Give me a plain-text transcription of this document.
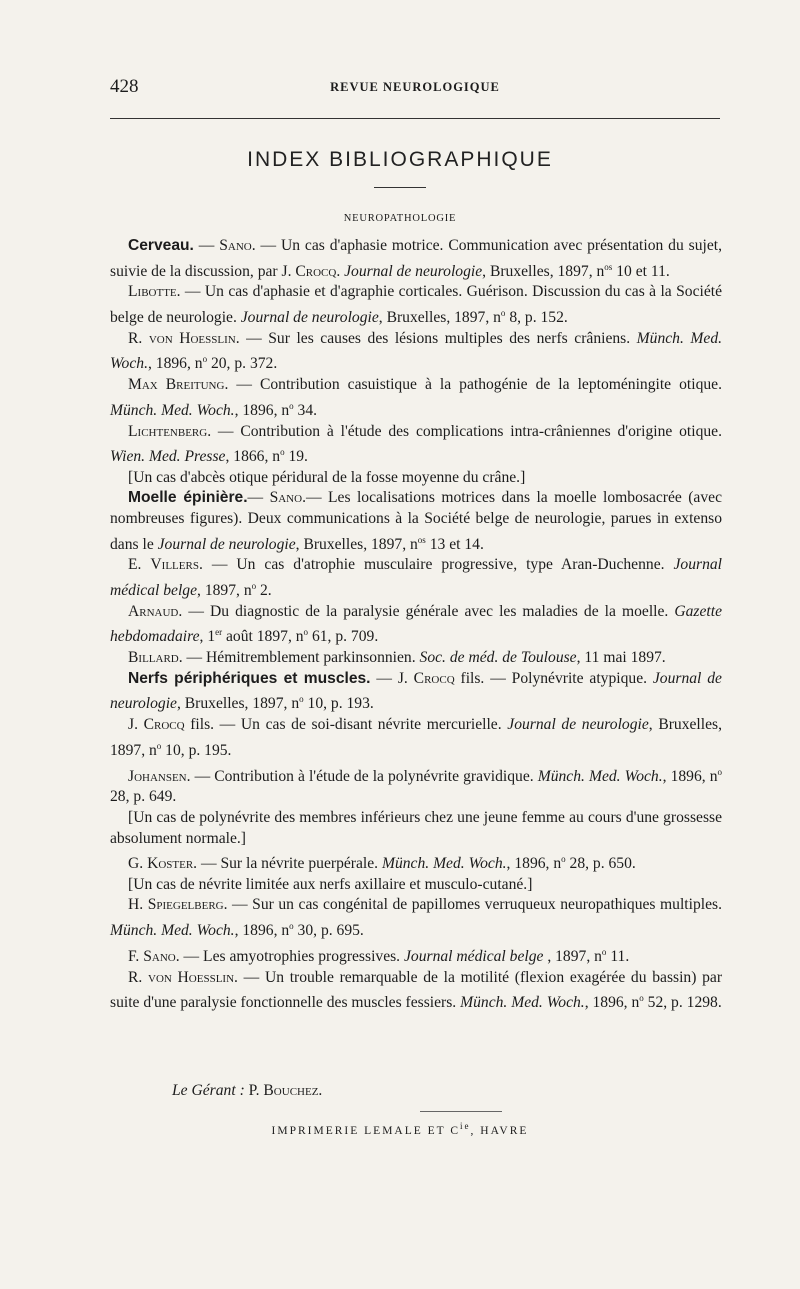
428	REVUE NEUROLOGIQUE
INDEX BIBLIOGRAPHIQUE
NEUROPATHOLOGIE

Cerveau. — Sano. — Un cas d'aphasie motrice. Communication avec présentation du sujet, suivie de la discussion, par J. Crocq. Journal de neurologie, Bruxelles, 1897, $n^{os}$ 10 et 11.

Libotte. — Un cas d'aphasie et d'agraphie corticales. Guérison. Discussion du cas à la Société belge de neurologie. Journal de neurologie, Bruxelles, 1897, $n^o$ 8, p. 152.

R. von Hoesslin. — Sur les causes des lésions multiples des nerfs crâniens. Münch. Med. Woch., 1896, $n^o$ 20, p. 372.

Max Breitung. — Contribution casuistique à la pathogénie de la leptoméningite otique. Münch. Med. Woch., 1896, $n^o$ 34.

Lichtenberg. — Contribution à l'étude des complications intra-crâniennes d'origine otique. Wien. Med. Presse, 1866, $n^o$ 19.

[Un cas d'abcès otique péridural de la fosse moyenne du crâne.]

Moelle épinière.— Sano.— Les localisations motrices dans la moelle lombosacrée (avec nombreuses figures). Deux communications à la Société belge de neurologie, parues in extenso dans le Journal de neurologie, Bruxelles, 1897, $n^{os}$ 13 et 14.

E. Villers. — Un cas d'atrophie musculaire progressive, type Aran-Duchenne. Journal médical belge, 1897, $n^o$ 2.

Arnaud. — Du diagnostic de la paralysie générale avec les maladies de la moelle. Gazette hebdomadaire, 1er août 1897, $n^o$ 61, p. 709.

Billard. — Hémitremblement parkinsonnien. Soc. de méd. de Toulouse, 11 mai 1897.

Nerfs périphériques et muscles. — J. Crocq fils. — Polynévrite atypique. Journal de neurologie, Bruxelles, 1897, $n^o$ 10, p. 193.

J. Crocq fils. — Un cas de soi-disant névrite mercurielle. Journal de neurologie, Bruxelles, 1897, $n^o$ 10, p. 195.

Johansen. — Contribution à l'étude de la polynévrite gravidique. Münch. Med. Woch., 1896, $n^o$ 28, p. 649.

[Un cas de polynévrite des membres inférieurs chez une jeune femme au cours d'une grossesse absolument normale.]

G. Koster. — Sur la névrite puerpérale. Münch. Med. Woch., 1896, $n^o$ 28, p. 650.

[Un cas de névrite limitée aux nerfs axillaire et musculo-cutané.]

H. Spiegelberg. — Sur un cas congénital de papillomes verruqueux neuropathiques multiples. Münch. Med. Woch., 1896, $n^o$ 30, p. 695.

F. Sano. — Les amyotrophies progressives. Journal médical belge , 1897, $n^o$ 11.

R. von Hoesslin. — Un trouble remarquable de la motilité (flexion exagérée du bassin) par suite d'une paralysie fonctionnelle des muscles fessiers. Münch. Med. Woch., 1896, $n^o$ 52, p. 1298.

Le Gérant : P. Bouchez.
IMPRIMERIE LEMALE ET $C^{ie}$, HAVRE
